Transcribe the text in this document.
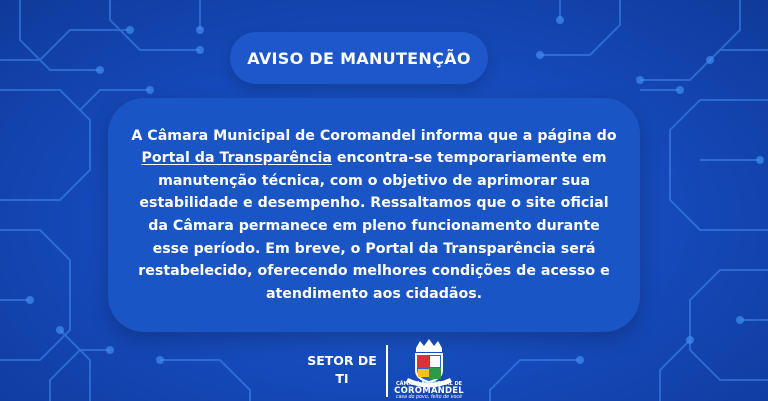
AVISO DE MANUTENÇÃO

A Câmara Municipal de Coromandel informa que a página do Portal da Transparência encontra-se temporariamente em manutenção técnica, com o objetivo de aprimorar sua estabilidade e desempenho. Ressaltamos que o site oficial da Câmara permanece em pleno funcionamento durante esse período. Em breve, o Portal da Transparência será restabelecido, oferecendo melhores condições de acesso e atendimento aos cidadãos.

SETOR DE TI	CÂMARA MUNICIPAL DE
COROMANDEL
casa do povo, feito de você
